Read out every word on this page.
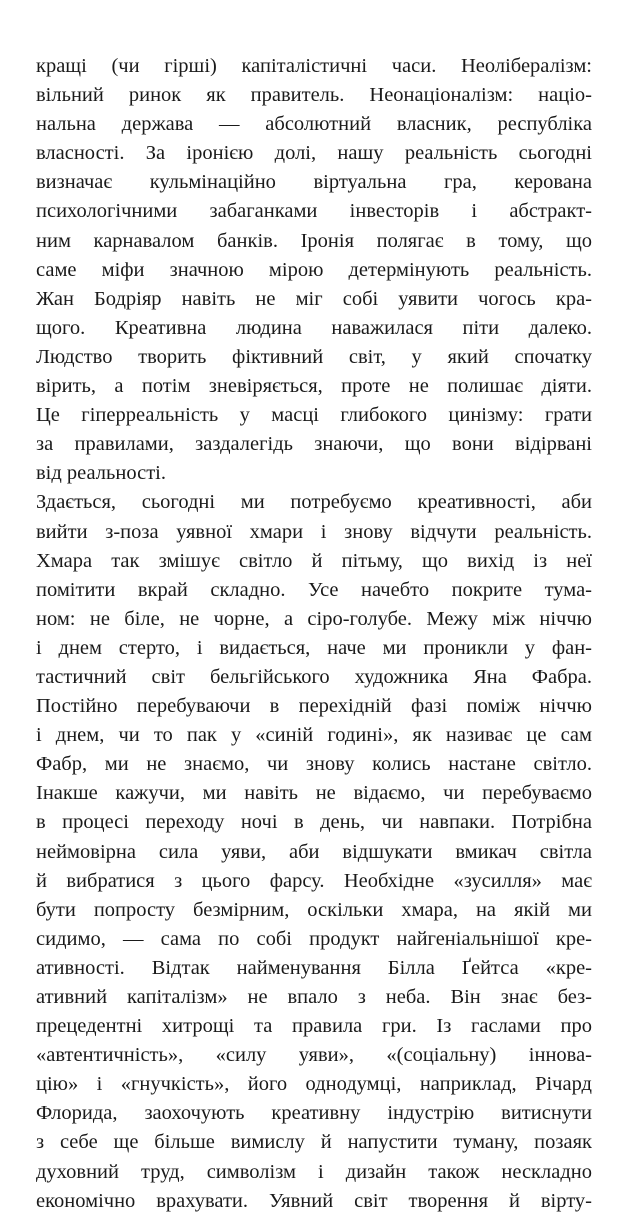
кращі (чи гірші) капіталістичні часи. Неолібералізм:
вільний ринок як правитель. Неонаціоналізм: націо-
нальна держава — абсолютний власник, республіка
власності. За іронією долі, нашу реальність сьогодні
визначає кульмінаційно віртуальна гра, керована
психологічними забаганками інвесторів і абстракт-
ним карнавалом банків. Іронія полягає в тому, що
саме міфи значною мірою детермінують реальність.
Жан Бодріяр навіть не міг собі уявити чогось кра-
щого. Креативна людина наважилася піти далеко.
Людство творить фіктивний світ, у який спочатку
вірить, а потім зневіряється, проте не полишає діяти.
Це гіперреальність у масці глибокого цинізму: грати
за правилами, заздалегідь знаючи, що вони відірвані
від реальності.
Здається, сьогодні ми потребуємо креативності, аби
вийти з-поза уявної хмари і знову відчути реальність.
Хмара так змішує світло й пітьму, що вихід із неї
помітити вкрай складно. Усе начебто покрите тума-
ном: не біле, не чорне, а сіро-голубе. Межу між ніччю
і днем стерто, і видається, наче ми проникли у фан-
тастичний світ бельгійського художника Яна Фабра.
Постійно перебуваючи в перехідній фазі поміж ніччю
і днем, чи то пак у «синій годині», як називає це сам
Фабр, ми не знаємо, чи знову колись настане світло.
Інакше кажучи, ми навіть не відаємо, чи перебуваємо
в процесі переходу ночі в день, чи навпаки. Потрібна
неймовірна сила уяви, аби відшукати вмикач світла
й вибратися з цього фарсу. Необхідне «зусилля» має
бути попросту безмірним, оскільки хмара, на якій ми
сидимо, — сама по собі продукт найгеніальнішої кре-
ативності. Відтак найменування Білла Ґейтса «кре-
ативний капіталізм» не впало з неба. Він знає без-
прецедентні хитрощі та правила гри. Із гаслами про
«автентичність», «силу уяви», «(соціальну) іннова-
цію» і «гнучкість», його однодумці, наприклад, Річард
Флорида, заохочують креативну індустрію витиснути
з себе ще більше вимислу й напустити туману, позаяк
духовний труд, символізм і дизайн також нескладно
економічно врахувати. Уявний світ творення й вірту-
